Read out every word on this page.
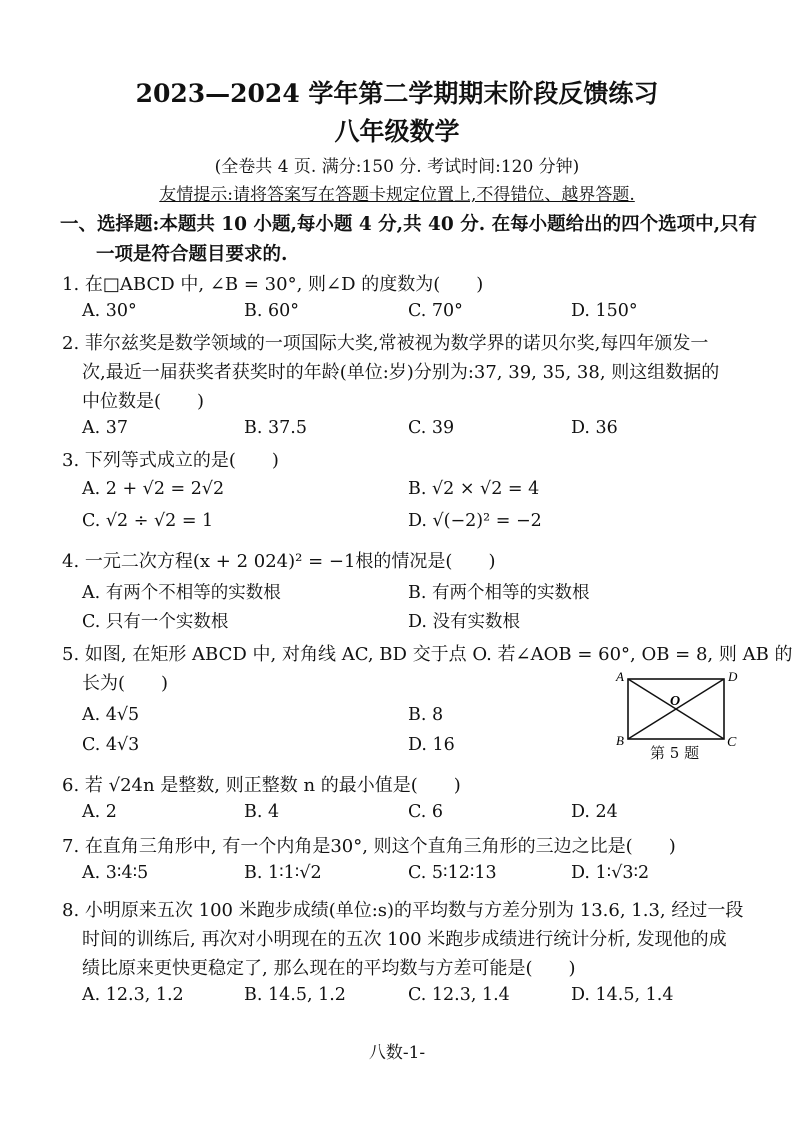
2023—2024 学年第二学期期末阶段反馈练习
八年级数学
(全卷共 4 页. 满分:150 分. 考试时间:120 分钟)
友情提示:请将答案写在答题卡规定位置上,不得错位、越界答题.
一、选择题:本题共 10 小题,每小题 4 分,共 40 分. 在每小题给出的四个选项中,只有
一项是符合题目要求的.
1. 在□ABCD 中, ∠B = 30°, 则∠D 的度数为(　　)
A. 30°	B. 60°	C. 70°	D. 150°
2. 菲尔兹奖是数学领域的一项国际大奖,常被视为数学界的诺贝尔奖,每四年颁发一
次,最近一届获奖者获奖时的年龄(单位:岁)分别为:37, 39, 35, 38, 则这组数据的
中位数是(　　)
A. 37	B. 37.5	C. 39	D. 36
3. 下列等式成立的是(　　)
A. 2 + √2 = 2√2	B. √2 × √2 = 4
C. √2 ÷ √2 = 1	D. √(−2)² = −2
4. 一元二次方程(x + 2 024)² = −1根的情况是(　　)
A. 有两个不相等的实数根	B. 有两个相等的实数根
C. 只有一个实数根	D. 没有实数根
5. 如图, 在矩形 ABCD 中, 对角线 AC, BD 交于点 O. 若∠AOB = 60°, OB = 8, 则 AB 的
长为(　　)
A. 4√5	B. 8
C. 4√3	D. 16
A	D
O
B	C
第 5 题
6. 若 √24n 是整数, 则正整数 n 的最小值是(　　)
A. 2	B. 4	C. 6	D. 24
7. 在直角三角形中, 有一个内角是30°, 则这个直角三角形的三边之比是(　　)
A. 3∶4∶5	B. 1∶1∶√2	C. 5∶12∶13	D. 1∶√3∶2
8. 小明原来五次 100 米跑步成绩(单位:s)的平均数与方差分别为 13.6, 1.3, 经过一段
时间的训练后, 再次对小明现在的五次 100 米跑步成绩进行统计分析, 发现他的成
绩比原来更快更稳定了, 那么现在的平均数与方差可能是(　　)
A. 12.3, 1.2	B. 14.5, 1.2	C. 12.3, 1.4	D. 14.5, 1.4
八数-1-
